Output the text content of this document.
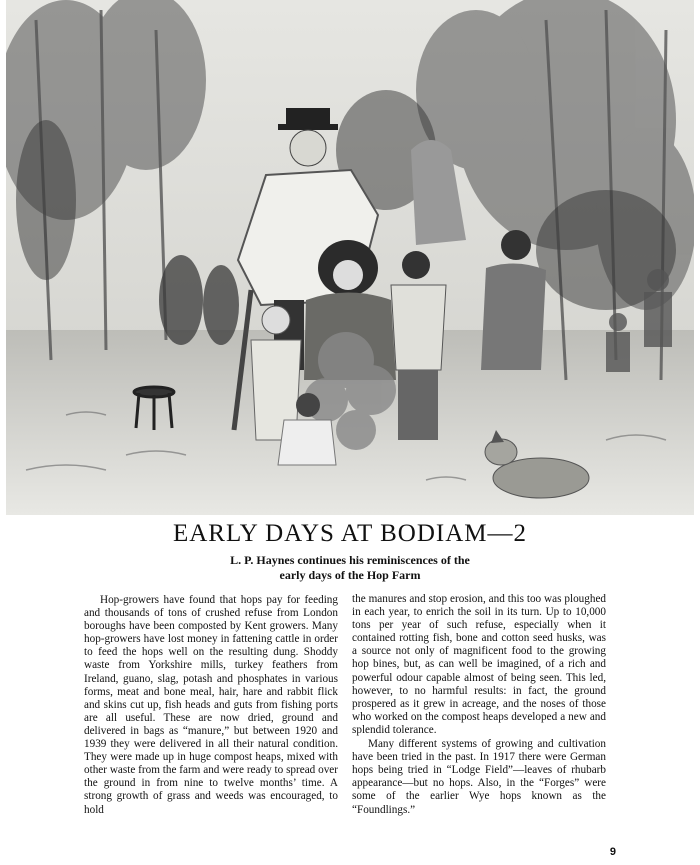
EARLY DAYS AT BODIAM—2
L. P. Haynes continues his reminiscences of the
early days of the Hop Farm

Hop-growers have found that hops pay for feeding and thousands of tons of crushed refuse from London boroughs have been composted by Kent growers. Many hop-growers have lost money in fattening cattle in order to feed the hops well on the resulting dung. Shoddy waste from Yorkshire mills, turkey feathers from Ireland, guano, slag, potash and phosphates in various forms, meat and bone meal, hair, hare and rabbit flick and skins cut up, fish heads and guts from fishing ports are all useful. These are now dried, ground and delivered in bags as “manure,” but between 1920 and 1939 they were delivered in all their natural condition. They were made up in huge compost heaps, mixed with other waste from the farm and were ready to spread over the ground in from nine to twelve months’ time. A strong growth of grass and weeds was encouraged, to hold

the manures and stop erosion, and this too was ploughed in each year, to enrich the soil in its turn. Up to 10,000 tons per year of such refuse, especially when it contained rotting fish, bone and cotton seed husks, was a source not only of magnificent food to the growing hop bines, but, as can well be imagined, of a rich and powerful odour capable almost of being seen. This led, however, to no harmful results: in fact, the ground prospered as it grew in acreage, and the noses of those who worked on the compost heaps developed a new and splendid tolerance.

Many different systems of growing and cultivation have been tried in the past. In 1917 there were German hops being tried in “Lodge Field”—leaves of rhubarb appearance—but no hops. Also, in the “Forges” were some of the earlier Wye hops known as the “Foundlings.”

9
